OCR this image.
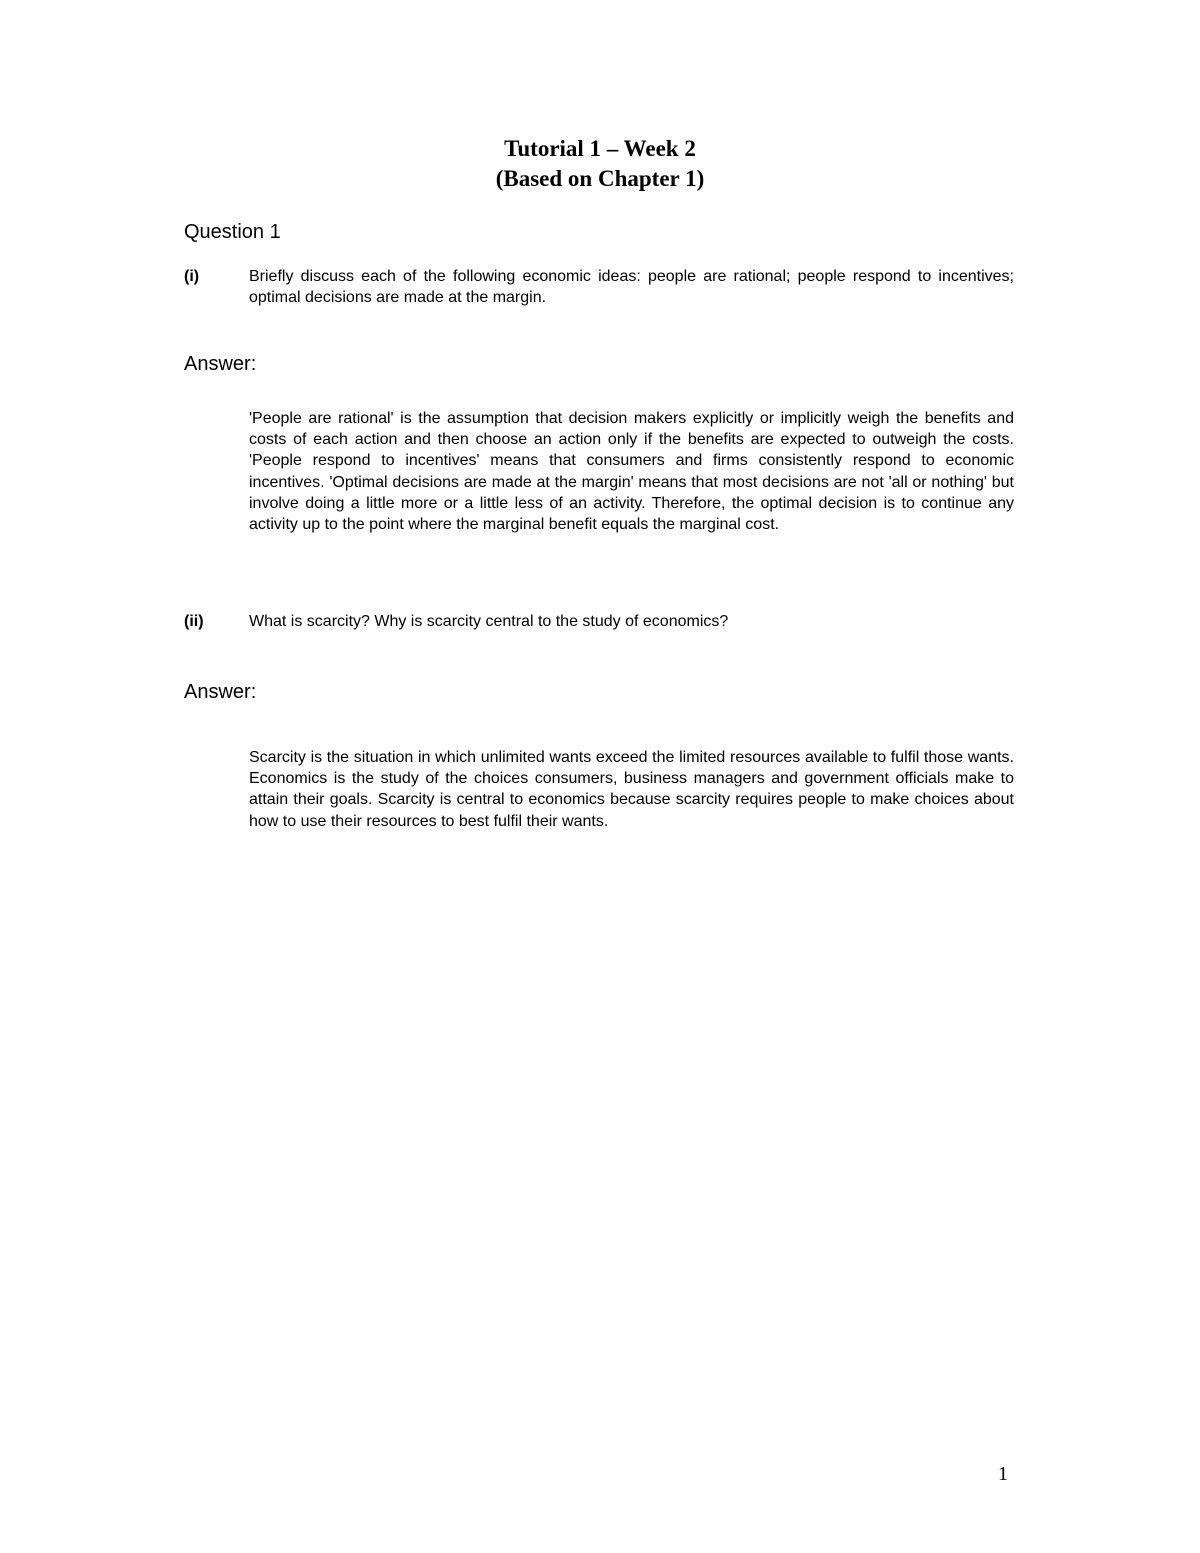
Tutorial 1 – Week 2
(Based on Chapter 1)
Question 1
(i)	Briefly discuss each of the following economic ideas: people are rational; people respond to incentives; optimal decisions are made at the margin.

Answer:

'People are rational' is the assumption that decision makers explicitly or implicitly weigh the benefits and costs of each action and then choose an action only if the benefits are expected to outweigh the costs. 'People respond to incentives' means that consumers and firms consistently respond to economic incentives. 'Optimal decisions are made at the margin' means that most decisions are not 'all or nothing' but involve doing a little more or a little less of an activity. Therefore, the optimal decision is to continue any activity up to the point where the marginal benefit equals the marginal cost.

(ii)	What is scarcity? Why is scarcity central to the study of economics?

Answer:

Scarcity is the situation in which unlimited wants exceed the limited resources available to fulfil those wants. Economics is the study of the choices consumers, business managers and government officials make to attain their goals. Scarcity is central to economics because scarcity requires people to make choices about how to use their resources to best fulfil their wants.

1
